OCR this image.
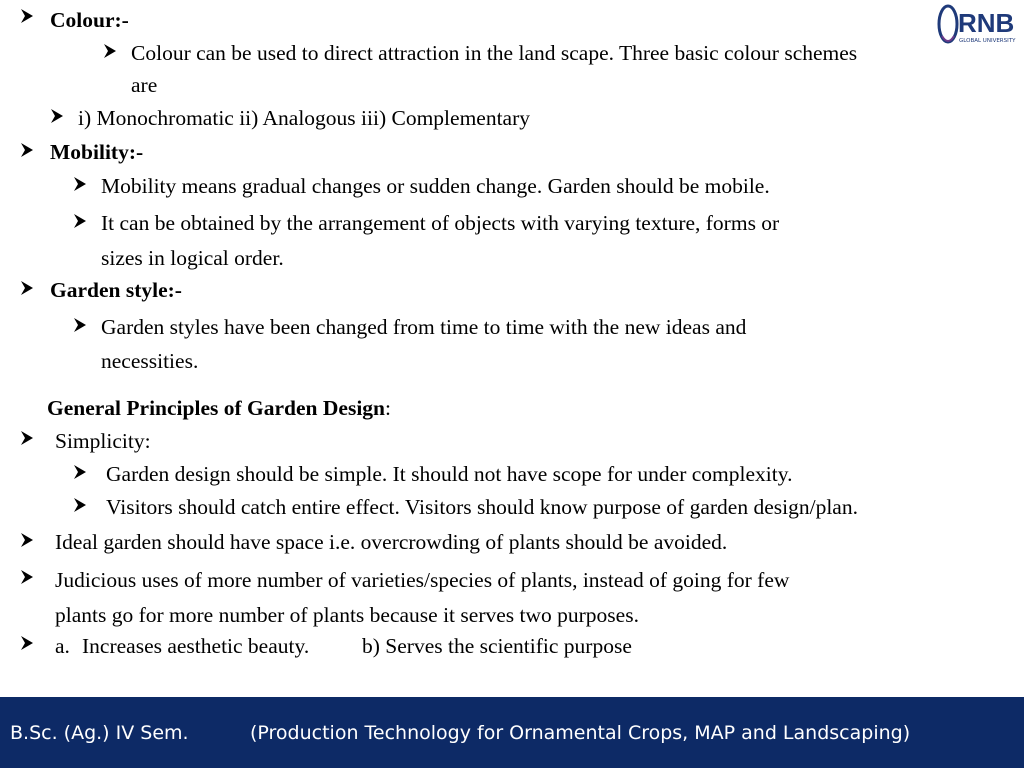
RNB
GLOBAL UNIVERSITY
Colour:-
Colour can be used to direct attraction in the land scape. Three basic colour schemes
are
i) Monochromatic ii) Analogous iii) Complementary
Mobility:-
Mobility means gradual changes or sudden change. Garden should be mobile.
It can be obtained by the arrangement of objects with varying texture, forms or
sizes in logical order.
Garden style:-
Garden styles have been changed from time to time with the new ideas and
necessities.
General Principles of Garden Design:
Simplicity:
Garden design should be simple. It should not have scope for under complexity.
Visitors should catch entire effect. Visitors should know purpose of garden design/plan.
Ideal garden should have space i.e. overcrowding of plants should be avoided.
Judicious uses of more number of varieties/species of plants, instead of going for few
plants go for more number of plants because it serves two purposes.
a. Increases aesthetic beauty. b) Serves the scientific purpose
B.Sc. (Ag.) IV Sem.	(Production Technology for Ornamental Crops, MAP and Landscaping)
